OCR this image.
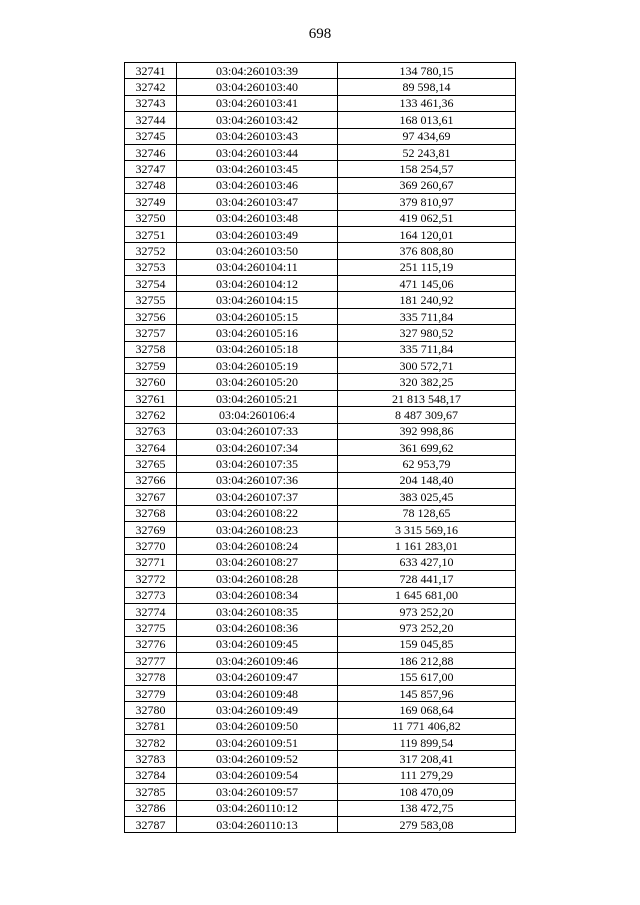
698
32741	03:04:260103:39	134 780,15
32742	03:04:260103:40	89 598,14
32743	03:04:260103:41	133 461,36
32744	03:04:260103:42	168 013,61
32745	03:04:260103:43	97 434,69
32746	03:04:260103:44	52 243,81
32747	03:04:260103:45	158 254,57
32748	03:04:260103:46	369 260,67
32749	03:04:260103:47	379 810,97
32750	03:04:260103:48	419 062,51
32751	03:04:260103:49	164 120,01
32752	03:04:260103:50	376 808,80
32753	03:04:260104:11	251 115,19
32754	03:04:260104:12	471 145,06
32755	03:04:260104:15	181 240,92
32756	03:04:260105:15	335 711,84
32757	03:04:260105:16	327 980,52
32758	03:04:260105:18	335 711,84
32759	03:04:260105:19	300 572,71
32760	03:04:260105:20	320 382,25
32761	03:04:260105:21	21 813 548,17
32762	03:04:260106:4	8 487 309,67
32763	03:04:260107:33	392 998,86
32764	03:04:260107:34	361 699,62
32765	03:04:260107:35	62 953,79
32766	03:04:260107:36	204 148,40
32767	03:04:260107:37	383 025,45
32768	03:04:260108:22	78 128,65
32769	03:04:260108:23	3 315 569,16
32770	03:04:260108:24	1 161 283,01
32771	03:04:260108:27	633 427,10
32772	03:04:260108:28	728 441,17
32773	03:04:260108:34	1 645 681,00
32774	03:04:260108:35	973 252,20
32775	03:04:260108:36	973 252,20
32776	03:04:260109:45	159 045,85
32777	03:04:260109:46	186 212,88
32778	03:04:260109:47	155 617,00
32779	03:04:260109:48	145 857,96
32780	03:04:260109:49	169 068,64
32781	03:04:260109:50	11 771 406,82
32782	03:04:260109:51	119 899,54
32783	03:04:260109:52	317 208,41
32784	03:04:260109:54	111 279,29
32785	03:04:260109:57	108 470,09
32786	03:04:260110:12	138 472,75
32787	03:04:260110:13	279 583,08
